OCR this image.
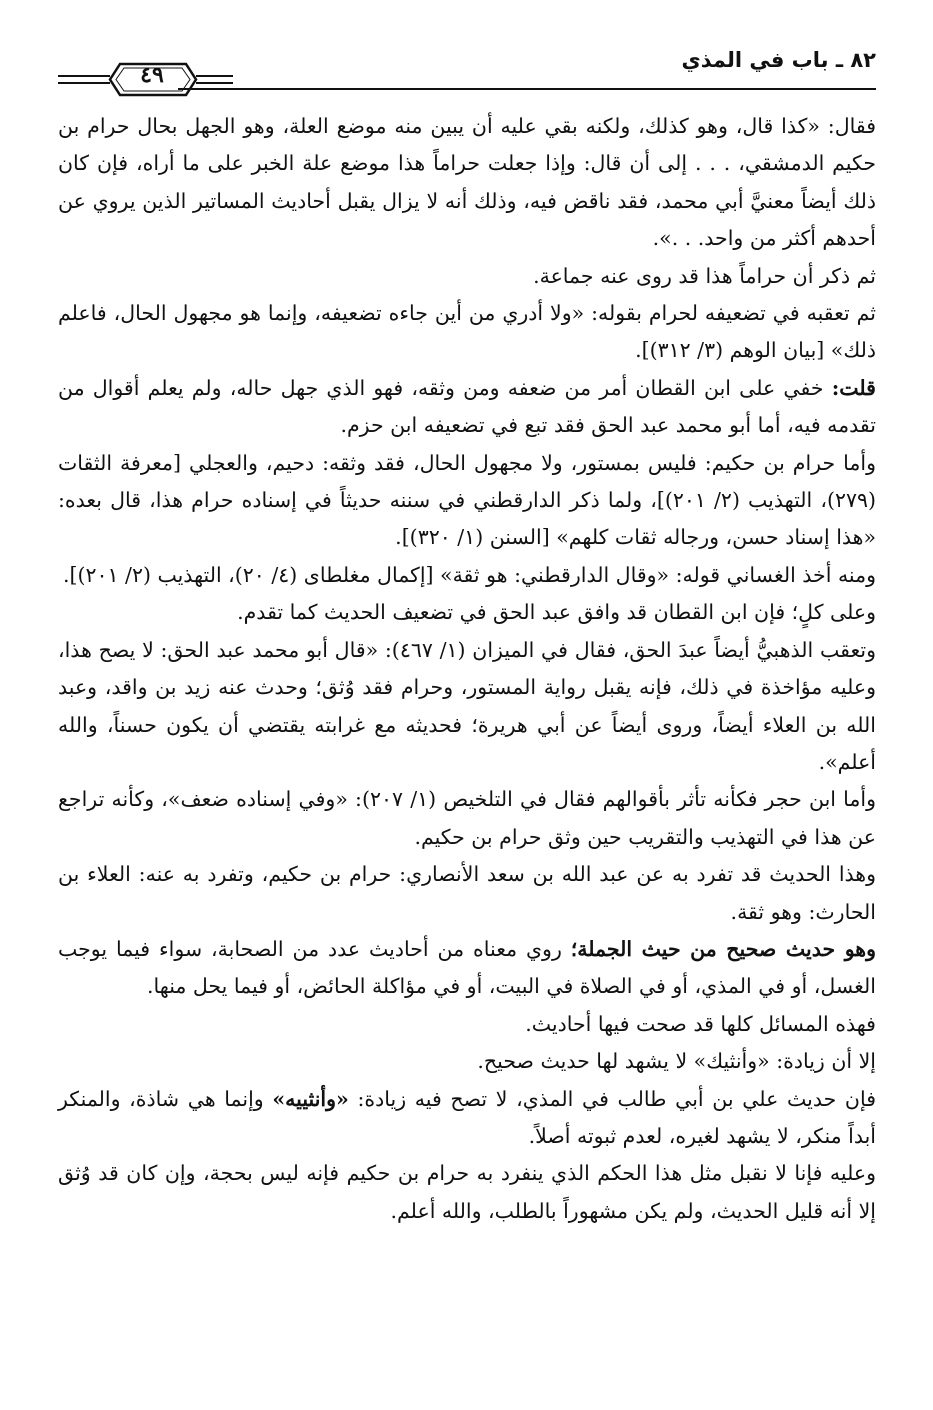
٨٢ ـ باب في المذي
٤٩

فقال: «كذا قال، وهو كذلك، ولكنه بقي عليه أن يبين منه موضع العلة، وهو الجهل بحال حرام بن حكيم الدمشقي، . . . إلى أن قال: وإذا جعلت حراماً هذا موضع علة الخبر على ما أراه، فإن كان ذلك أيضاً معنيَّ أبي محمد، فقد ناقض فيه، وذلك أنه لا يزال يقبل أحاديث المساتير الذين يروي عن أحدهم أكثر من واحد. . .».

ثم ذكر أن حراماً هذا قد روى عنه جماعة.

ثم تعقبه في تضعيفه لحرام بقوله: «ولا أدري من أين جاءه تضعيفه، وإنما هو مجهول الحال، فاعلم ذلك» [بيان الوهم (٣/ ٣١٢)].

قلت: خفي على ابن القطان أمر من ضعفه ومن وثقه، فهو الذي جهل حاله، ولم يعلم أقوال من تقدمه فيه، أما أبو محمد عبد الحق فقد تبع في تضعيفه ابن حزم.

وأما حرام بن حكيم: فليس بمستور، ولا مجهول الحال، فقد وثقه: دحيم، والعجلي [معرفة الثقات (٢٧٩)، التهذيب (٢/ ٢٠١)]، ولما ذكر الدارقطني في سننه حديثاً في إسناده حرام هذا، قال بعده: «هذا إسناد حسن، ورجاله ثقات كلهم» [السنن (١/ ٣٢٠)].

ومنه أخذ الغساني قوله: «وقال الدارقطني: هو ثقة» [إكمال مغلطاى (٤/ ٢٠)، التهذيب (٢/ ٢٠١)].

وعلى كلٍ؛ فإن ابن القطان قد وافق عبد الحق في تضعيف الحديث كما تقدم.

وتعقب الذهبيُّ أيضاً عبدَ الحق، فقال في الميزان (١/ ٤٦٧): «قال أبو محمد عبد الحق: لا يصح هذا، وعليه مؤاخذة في ذلك، فإنه يقبل رواية المستور، وحرام فقد وُثق؛ وحدث عنه زيد بن واقد، وعبد الله بن العلاء أيضاً، وروى أيضاً عن أبي هريرة؛ فحديثه مع غرابته يقتضي أن يكون حسناً، والله أعلم».

وأما ابن حجر فكأنه تأثر بأقوالهم فقال في التلخيص (١/ ٢٠٧): «وفي إسناده ضعف»، وكأنه تراجع عن هذا في التهذيب والتقريب حين وثق حرام بن حكيم.

وهذا الحديث قد تفرد به عن عبد الله بن سعد الأنصاري: حرام بن حكيم، وتفرد به عنه: العلاء بن الحارث: وهو ثقة.

وهو حديث صحيح من حيث الجملة؛ روي معناه من أحاديث عدد من الصحابة، سواء فيما يوجب الغسل، أو في المذي، أو في الصلاة في البيت، أو في مؤاكلة الحائض، أو فيما يحل منها.

فهذه المسائل كلها قد صحت فيها أحاديث.

إلا أن زيادة: «وأنثيك» لا يشهد لها حديث صحيح.

فإن حديث علي بن أبي طالب في المذي، لا تصح فيه زيادة: «وأنثييه» وإنما هي شاذة، والمنكر أبداً منكر، لا يشهد لغيره، لعدم ثبوته أصلاً.

وعليه فإنا لا نقبل مثل هذا الحكم الذي ينفرد به حرام بن حكيم فإنه ليس بحجة، وإن كان قد وُثق إلا أنه قليل الحديث، ولم يكن مشهوراً بالطلب، والله أعلم.
